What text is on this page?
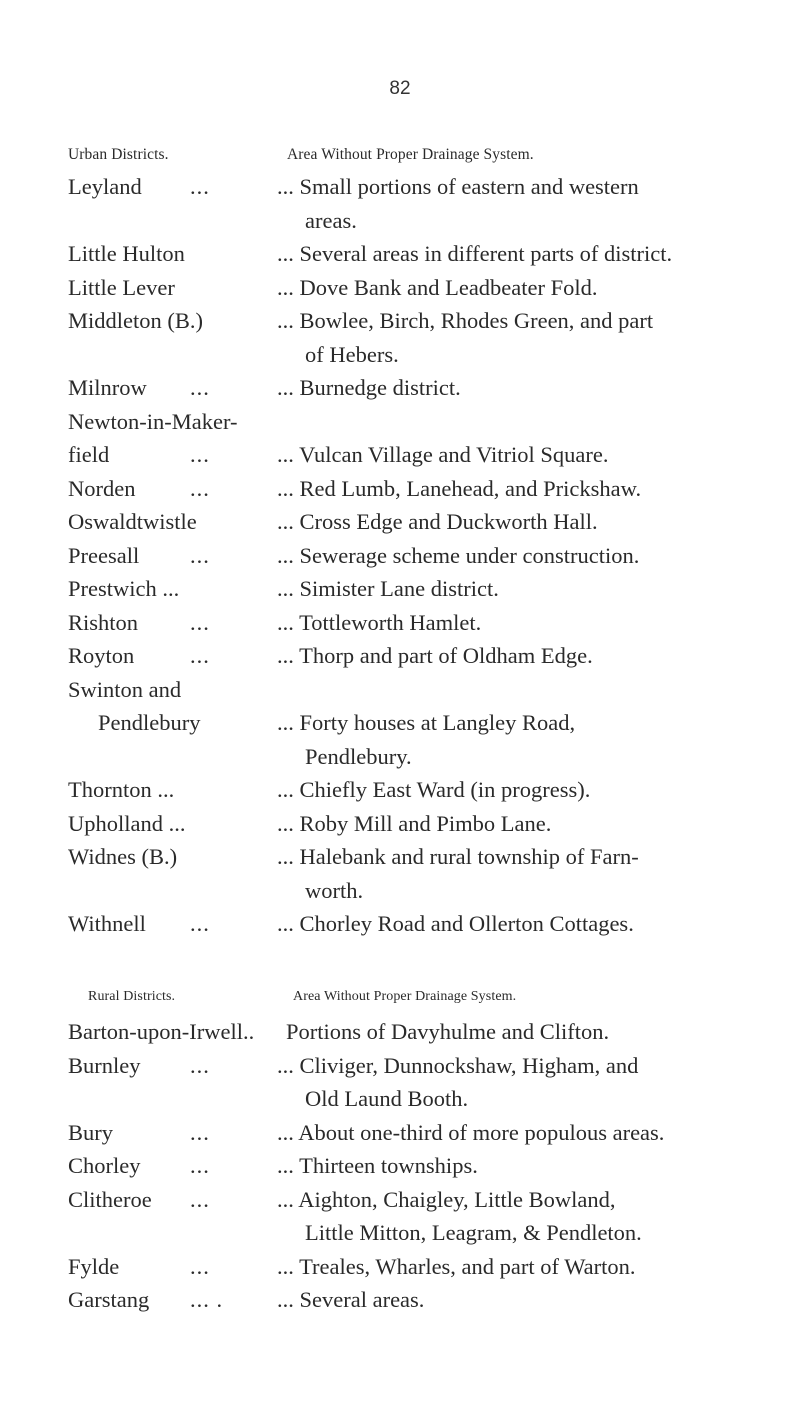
82
Urban Districts.	Area Without Proper Drainage System.
Leyland ...	... Small portions of eastern and western
areas.
Little Hulton	... Several areas in different parts of district.
Little Lever	... Dove Bank and Leadbeater Fold.
Middleton (B.)	... Bowlee, Birch, Rhodes Green, and part
of Hebers.
Milnrow ...	... Burnedge district.
Newton-in-Maker-

field	...	... Vulcan Village and Vitriol Square.
Norden ...	... Red Lumb, Lanehead, and Prickshaw.
Oswaldtwistle	... Cross Edge and Duckworth Hall.
Preesall ...	... Sewerage scheme under construction.
Prestwich ...	... Simister Lane district.
Rishton ...	... Tottleworth Hamlet.
Royton ...	... Thorp and part of Oldham Edge.
Swinton and

Pendlebury	... Forty houses at Langley Road,
Pendlebury.
Thornton ...	... Chiefly East Ward (in progress).
Upholland ...	... Roby Mill and Pimbo Lane.
Widnes (B.)	... Halebank and rural township of Farn-
worth.
Withnell ...	... Chorley Road and Ollerton Cottages.
Rural Districts.	Area Without Proper Drainage System.
Barton-upon-Irwell.. Portions of Davyhulme and Clifton.
Burnley ...	... Cliviger, Dunnockshaw, Higham, and
Old Laund Booth.
Bury	...	... About one-third of more populous areas.
Chorley ...	... Thirteen townships.
Clitheroe ...	... Aighton, Chaigley, Little Bowland,
Little Mitton, Leagram, & Pendleton.
Fylde	...	... Treales, Wharles, and part of Warton.
Garstang ... . ... Several areas.
